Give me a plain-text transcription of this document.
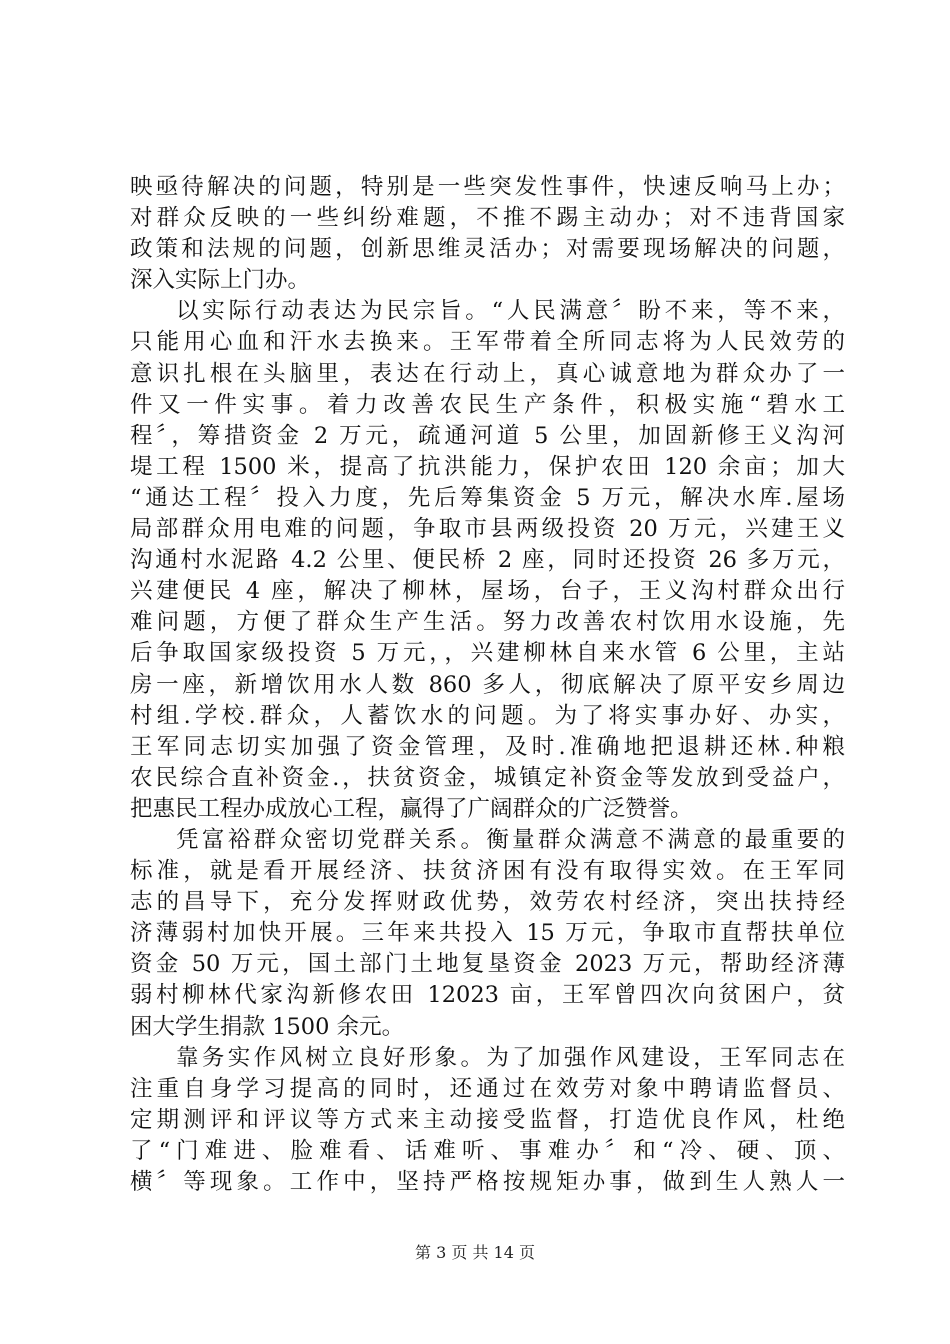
映亟待解决的问题，特别是一些突发性事件，快速反响马上办；
对群众反映的一些纠纷难题，不推不踢主动办；对不违背国家
政策和法规的问题，创新思维灵活办；对需要现场解决的问题，
深入实际上门办。
以实际行动表达为民宗旨。“人民满意〞盼不来，等不来，
只能用心血和汗水去换来。王军带着全所同志将为人民效劳的
意识扎根在头脑里，表达在行动上，真心诚意地为群众办了一
件又一件实事。着力改善农民生产条件，积极实施“碧水工
程〞，筹措资金 2 万元，疏通河道 5 公里，加固新修王义沟河
堤工程 1500 米，提高了抗洪能力，保护农田 120 余亩；加大
“通达工程〞投入力度，先后筹集资金 5 万元，解决水库.屋场
局部群众用电难的问题，争取市县两级投资 20 万元，兴建王义
沟通村水泥路 4.2 公里、便民桥 2 座，同时还投资 26 多万元，
兴建便民 4 座，解决了柳林，屋场，台子，王义沟村群众出行
难问题，方便了群众生产生活。努力改善农村饮用水设施，先
后争取国家级投资 5 万元，，兴建柳林自来水管 6 公里，主站
房一座，新增饮用水人数 860 多人，彻底解决了原平安乡周边
村组.学校.群众，人蓄饮水的问题。为了将实事办好、办实，
王军同志切实加强了资金管理，及时.准确地把退耕还林.种粮
农民综合直补资金.，扶贫资金，城镇定补资金等发放到受益户，
把惠民工程办成放心工程，赢得了广阔群众的广泛赞誉。
凭富裕群众密切党群关系。衡量群众满意不满意的最重要的
标准，就是看开展经济、扶贫济困有没有取得实效。在王军同
志的昌导下，充分发挥财政优势，效劳农村经济，突出扶持经
济薄弱村加快开展。三年来共投入 15 万元，争取市直帮扶单位
资金 50 万元，国土部门土地复垦资金 2023 万元，帮助经济薄
弱村柳林代家沟新修农田 12023 亩，王军曾四次向贫困户，贫
困大学生捐款 1500 余元。
靠务实作风树立良好形象。为了加强作风建设，王军同志在
注重自身学习提高的同时，还通过在效劳对象中聘请监督员、
定期测评和评议等方式来主动接受监督，打造优良作风，杜绝
了“门难进、脸难看、话难听、事难办〞和“冷、硬、顶、
横〞等现象。工作中，坚持严格按规矩办事，做到生人熟人一
第 3 页 共 14 页
